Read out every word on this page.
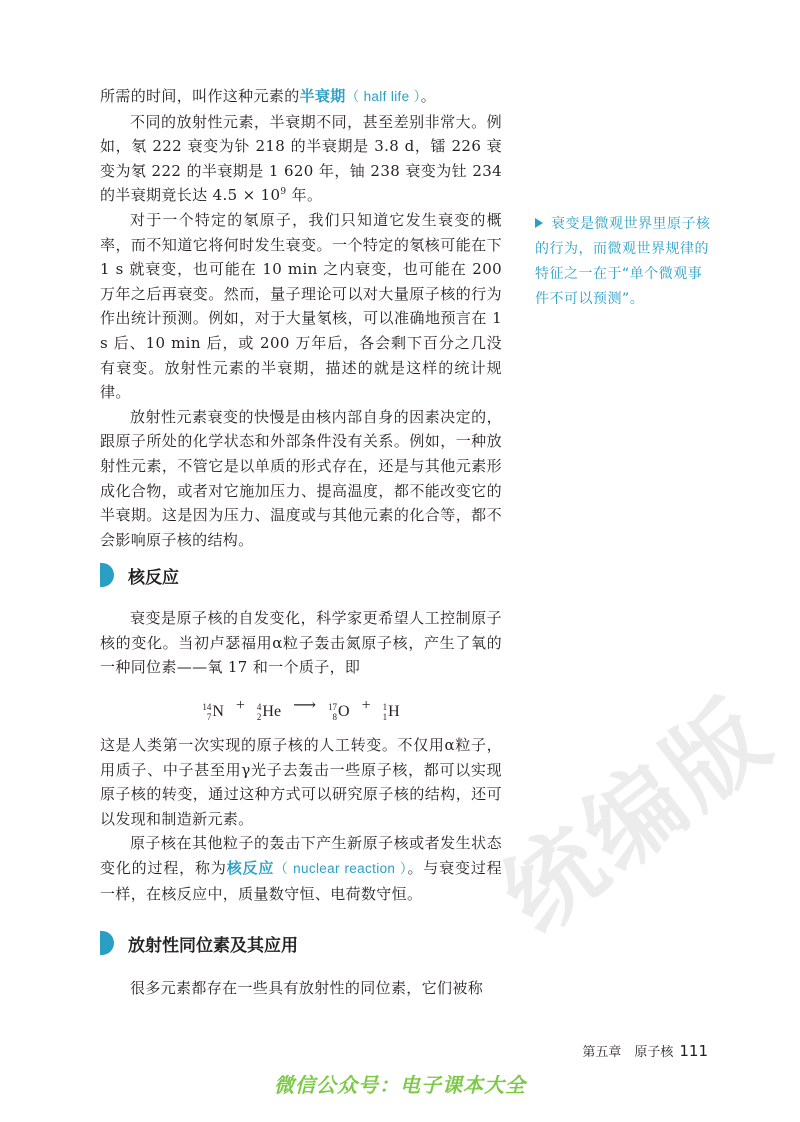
统编版

所需的时间，叫作这种元素的半衰期（ half life ）。

不同的放射性元素，半衰期不同，甚至差别非常大。例如，氡 222 衰变为钋 218 的半衰期是 3.8 d，镭 226 衰变为氡 222 的半衰期是 1 620 年，铀 238 衰变为钍 234 的半衰期竟长达 $4.5 \times 10^9$ 年。

对于一个特定的氡原子，我们只知道它发生衰变的概率，而不知道它将何时发生衰变。一个特定的氡核可能在下 1 s 就衰变，也可能在 10 min 之内衰变，也可能在 200 万年之后再衰变。然而，量子理论可以对大量原子核的行为作出统计预测。例如，对于大量氡核，可以准确地预言在 1 s 后、10 min 后，或 200 万年后，各会剩下百分之几没有衰变。放射性元素的半衰期，描述的就是这样的统计规律。

放射性元素衰变的快慢是由核内部自身的因素决定的，跟原子所处的化学状态和外部条件没有关系。例如，一种放射性元素，不管它是以单质的形式存在，还是与其他元素形成化合物，或者对它施加压力、提高温度，都不能改变它的半衰期。这是因为压力、温度或与其他元素的化合等，都不会影响原子核的结构。

衰变是微观世界里原子核的行为，而微观世界规律的特征之一在于“单个微观事件不可以预测”。
核反应

衰变是原子核的自发变化，科学家更希望人工控制原子核的变化。当初卢瑟福用α粒子轰击氮原子核，产生了氧的一种同位素——氧 17 和一个质子，即

14
7 N + 4
2 He ⟶ 17
8 O + 1
1 H

这是人类第一次实现的原子核的人工转变。不仅用α粒子，用质子、中子甚至用γ光子去轰击一些原子核，都可以实现原子核的转变，通过这种方式可以研究原子核的结构，还可以发现和制造新元素。

原子核在其他粒子的轰击下产生新原子核或者发生状态变化的过程，称为核反应（ nuclear reaction ）。与衰变过程一样，在核反应中，质量数守恒、电荷数守恒。

放射性同位素及其应用

很多元素都存在一些具有放射性的同位素，它们被称

第五章　原子核 111
微信公众号：电子课本大全
